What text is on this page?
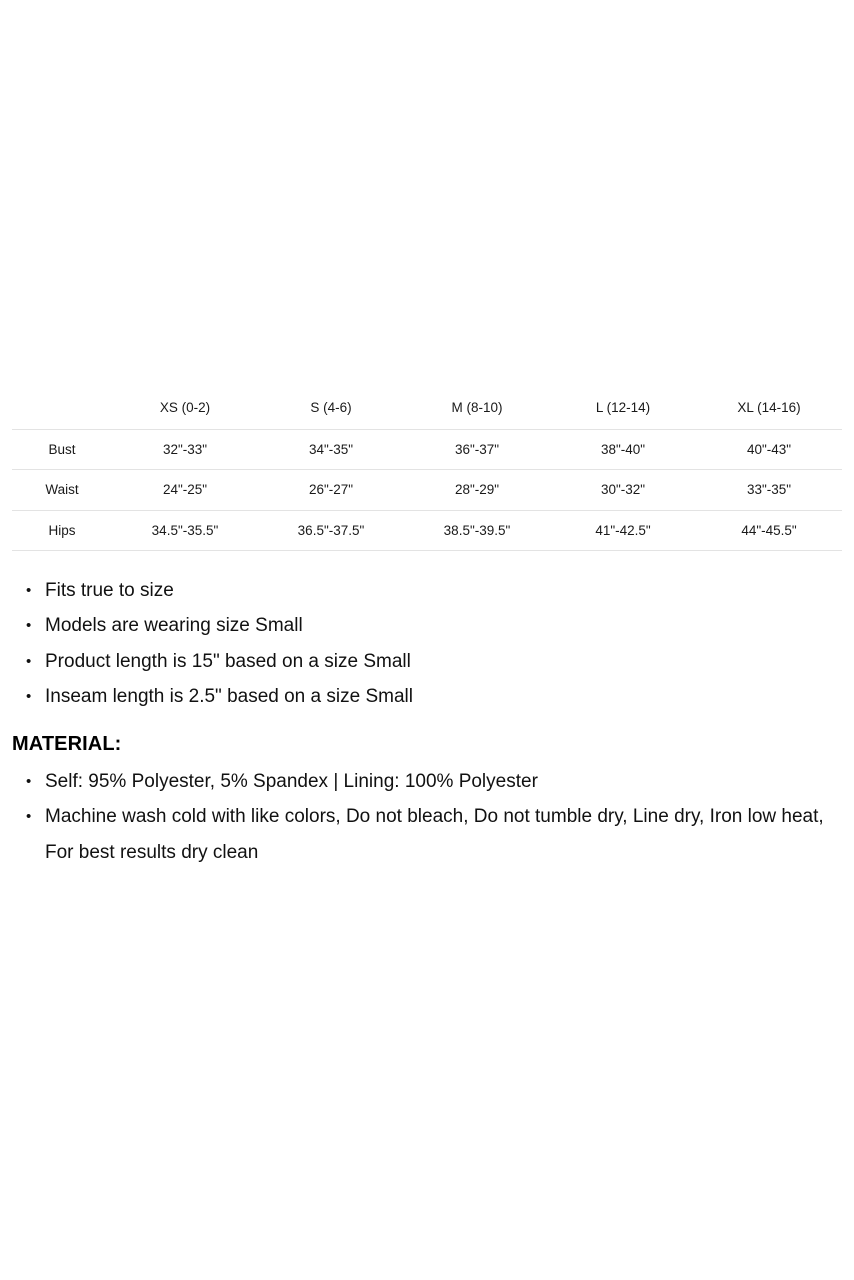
	XS (0-2)	S (4-6)	M (8-10)	L (12-14)	XL (14-16)
Bust	32"-33"	34"-35"	36"-37"	38"-40"	40"-43"
Waist	24"-25"	26"-27"	28"-29"	30"-32"	33"-35"
Hips	34.5"-35.5"	36.5"-37.5"	38.5"-39.5"	41"-42.5"	44"-45.5"
• Fits true to size
• Models are wearing size Small
• Product length is 15" based on a size Small
• Inseam length is 2.5" based on a size Small
MATERIAL:
• Self: 95% Polyester, 5% Spandex | Lining: 100% Polyester
• Machine wash cold with like colors, Do not bleach, Do not tumble dry, Line dry, Iron low heat, For best results dry clean
